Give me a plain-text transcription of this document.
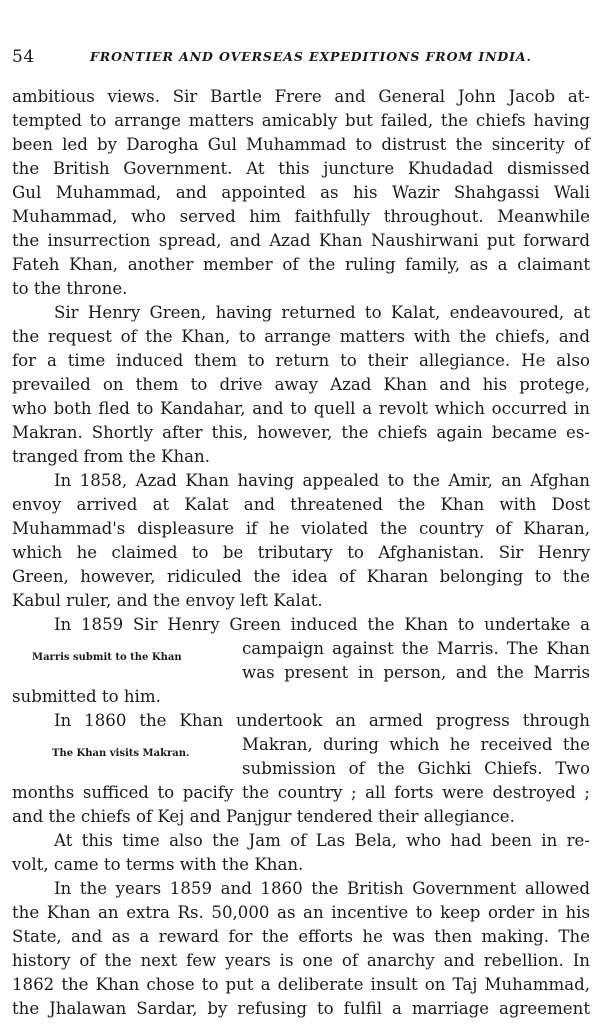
54	FRONTIER AND OVERSEAS EXPEDITIONS FROM INDIA.
ambitious views. Sir Bartle Frere and General John Jacob at-
tempted to arrange matters amicably but failed, the chiefs having
been led by Darogha Gul Muhammad to distrust the sincerity of
the British Government. At this juncture Khudadad dismissed
Gul Muhammad, and appointed as his Wazir Shahgassi Wali
Muhammad, who served him faithfully throughout. Meanwhile
the insurrection spread, and Azad Khan Naushirwani put forward
Fateh Khan, another member of the ruling family, as a claimant
to the throne.
Sir Henry Green, having returned to Kalat, endeavoured, at
the request of the Khan, to arrange matters with the chiefs, and
for a time induced them to return to their allegiance. He also
prevailed on them to drive away Azad Khan and his protege,
who both fled to Kandahar, and to quell a revolt which occurred in
Makran. Shortly after this, however, the chiefs again became es-
tranged from the Khan.
In 1858, Azad Khan having appealed to the Amir, an Afghan
envoy arrived at Kalat and threatened the Khan with Dost
Muhammad's displeasure if he violated the country of Kharan,
which he claimed to be tributary to Afghanistan. Sir Henry
Green, however, ridiculed the idea of Kharan belonging to the
Kabul ruler, and the envoy left Kalat.
In 1859 Sir Henry Green induced the Khan to undertake a
Marris submit to the Khan	campaign against the Marris. The Khan
was present in person, and the Marris
submitted to him.
In 1860 the Khan undertook an armed progress through
The Khan visits Makran.	Makran, during which he received the
submission of the Gichki Chiefs. Two
months sufficed to pacify the country ; all forts were destroyed ;
and the chiefs of Kej and Panjgur tendered their allegiance.
At this time also the Jam of Las Bela, who had been in re-
volt, came to terms with the Khan.
In the years 1859 and 1860 the British Government allowed
the Khan an extra Rs. 50,000 as an incentive to keep order in his
State, and as a reward for the efforts he was then making. The
history of the next few years is one of anarchy and rebellion. In
1862 the Khan chose to put a deliberate insult on Taj Muhammad,
the Jhalawan Sardar, by refusing to fulfil a marriage agreement
